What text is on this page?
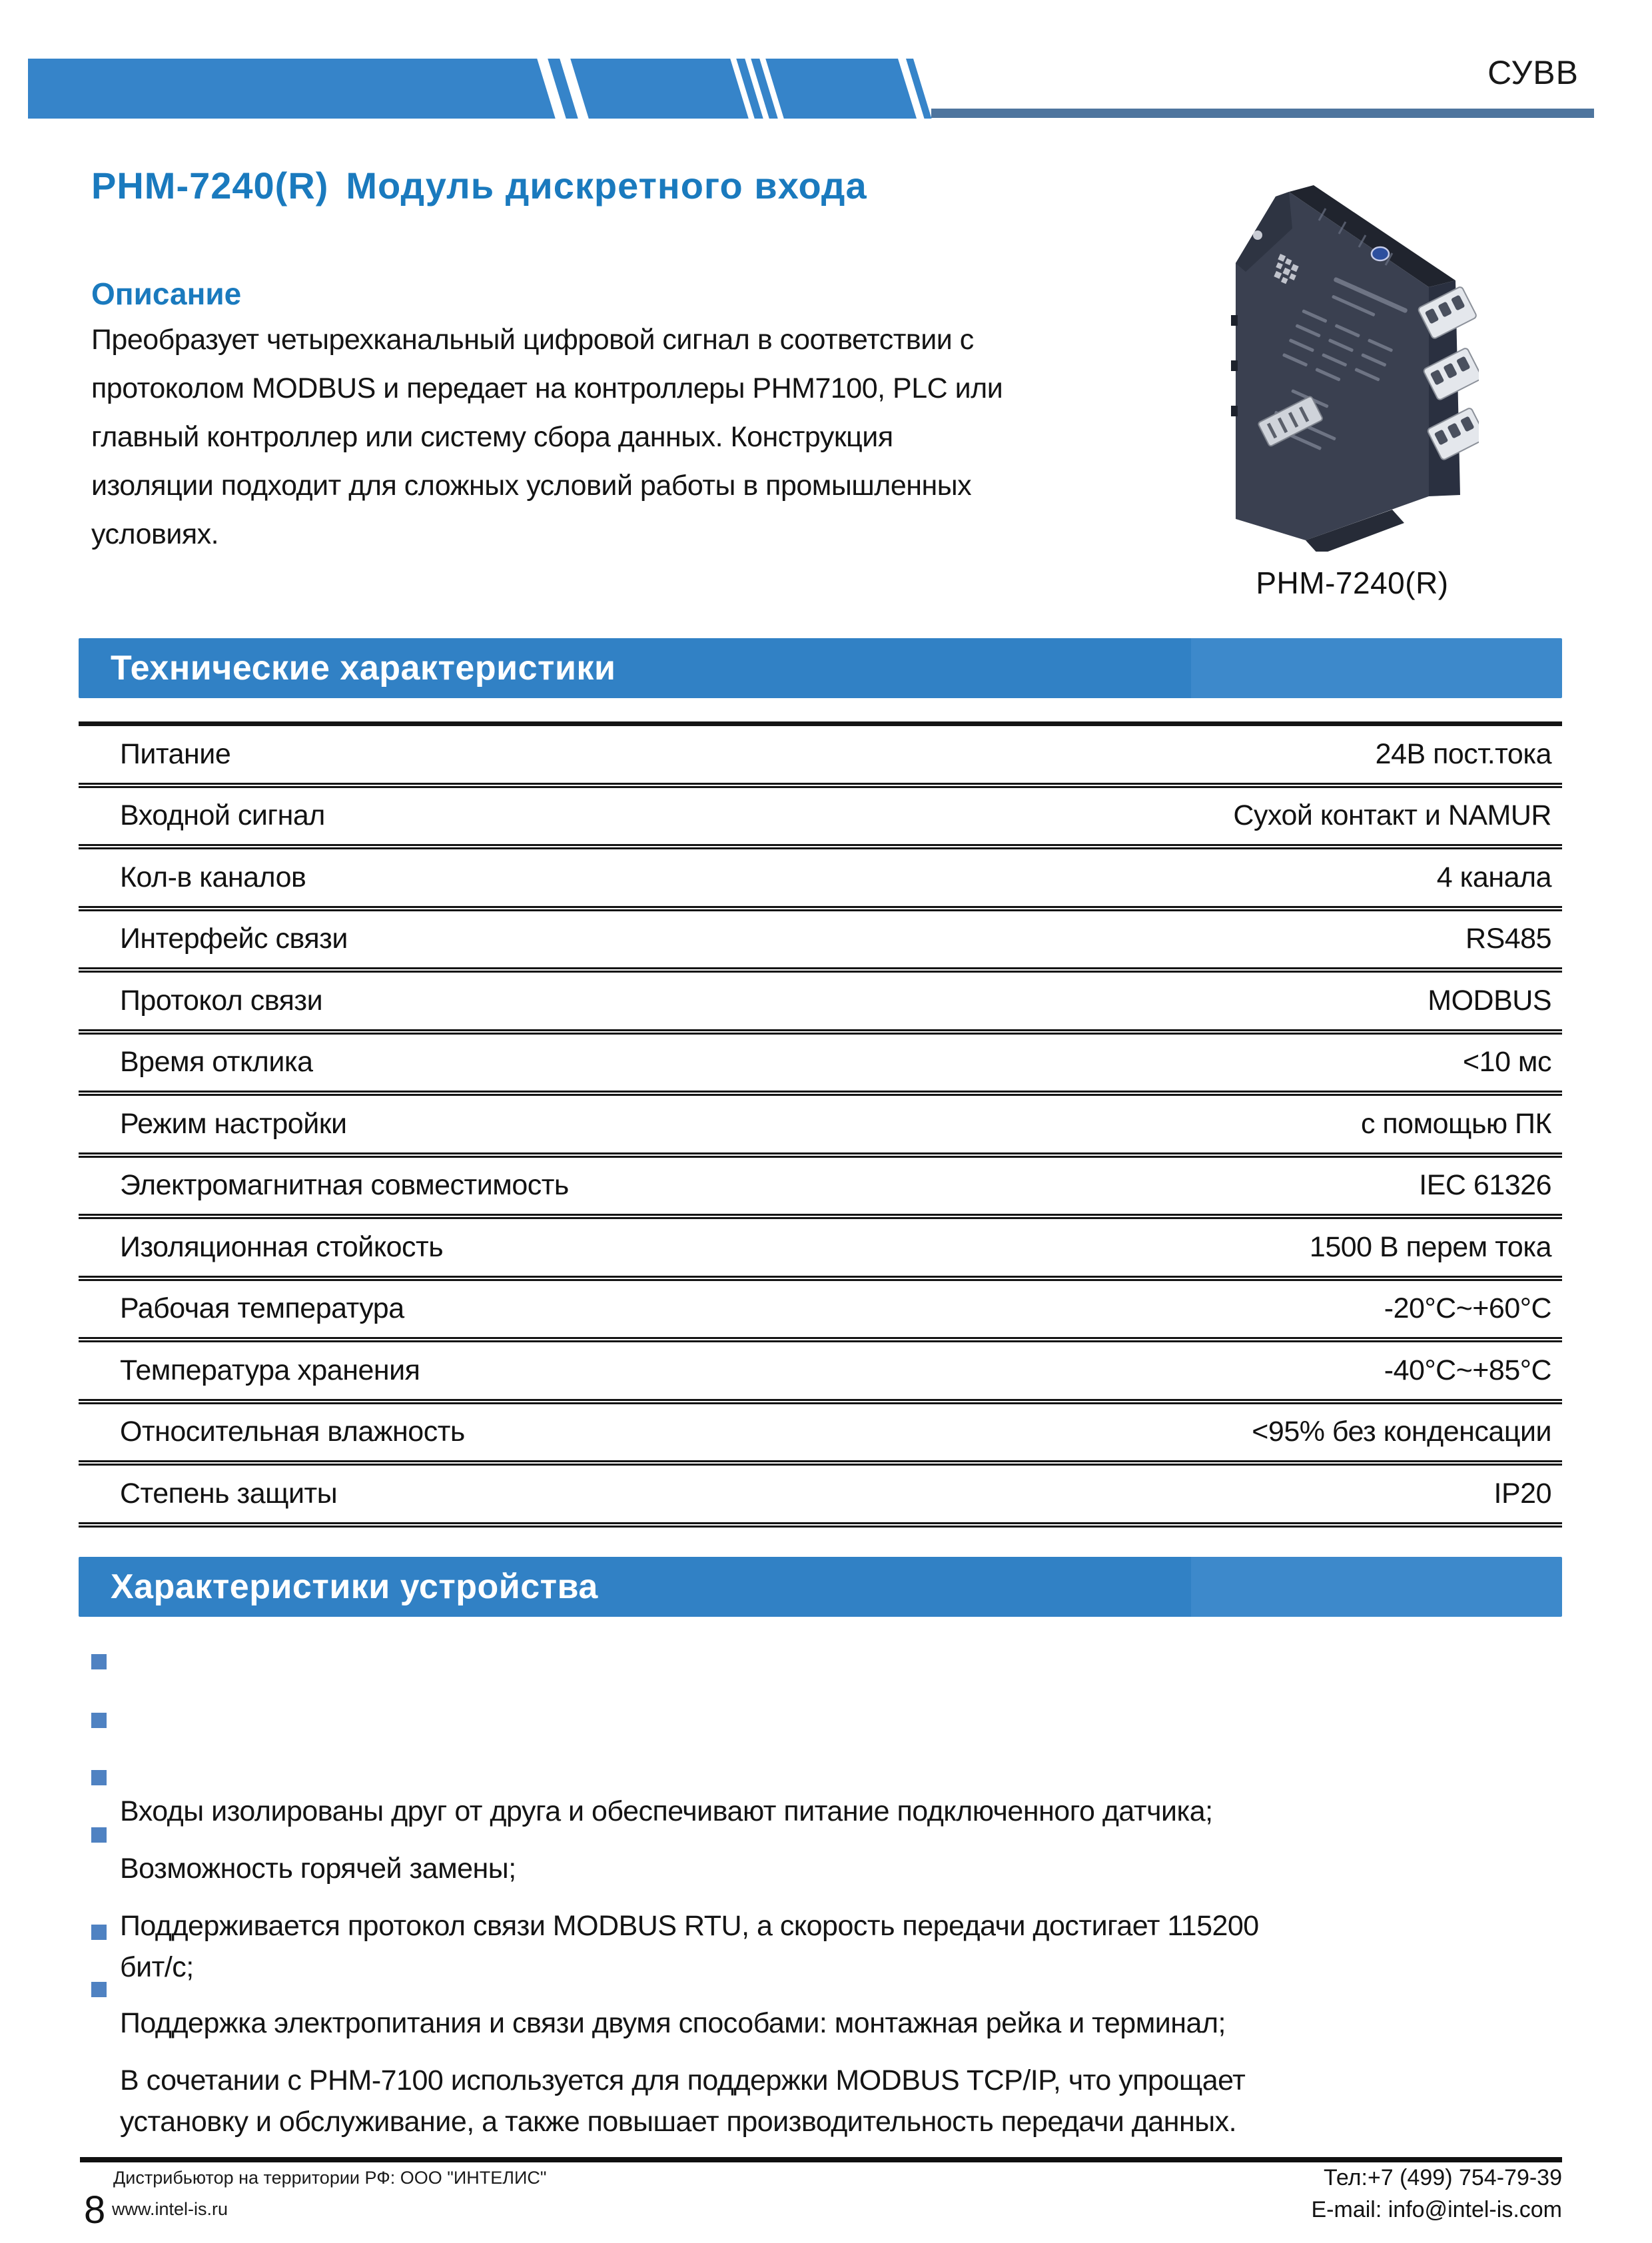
СУВВ
PHM-7240(R) Модуль дискретного входа
Описание
Преобразует четырехканальный цифровой сигнал в соответствии с
протоколом MODBUS и передает на контроллеры PHM7100, PLC или
главный контроллер или систему сбора данных. Конструкция
изоляции подходит для сложных условий работы в промышленных
условиях.
PHM-7240(R)
Технические характеристики
Питание	24В пост.тока
Входной сигнал	Сухой контакт и NAMUR
Кол-в каналов	4 канала
Интерфейс связи	RS485
Протокол связи	MODBUS
Время отклика	<10 мс
Режим настройки	с помощью ПК
Электромагнитная совместимость	IEC 61326
Изоляционная стойкость	1500 В перем тока
Рабочая температура	-20°C~+60°C
Температура хранения	-40°C~+85°C
Относительная влажность	<95% без конденсации
Степень защиты	IP20
Характеристики устройства

Входы изолированы друг от друга и обеспечивают питание подключенного датчика;

Возможность горячей замены;

Поддерживается протокол связи MODBUS RTU, а скорость передачи достигает 115200
бит/с;

Поддержка электропитания и связи двумя способами: монтажная рейка и терминал;

В сочетании с PHM-7100 используется для поддержки MODBUS TCP/IP, что упрощает
установку и обслуживание, а также повышает производительность передачи данных.

Дистрибьютор на территории РФ: ООО "ИНТЕЛИС"
8 www.intel-is.ru
Тел:+7 (499) 754-79-39
E-mail: info@intel-is.com
